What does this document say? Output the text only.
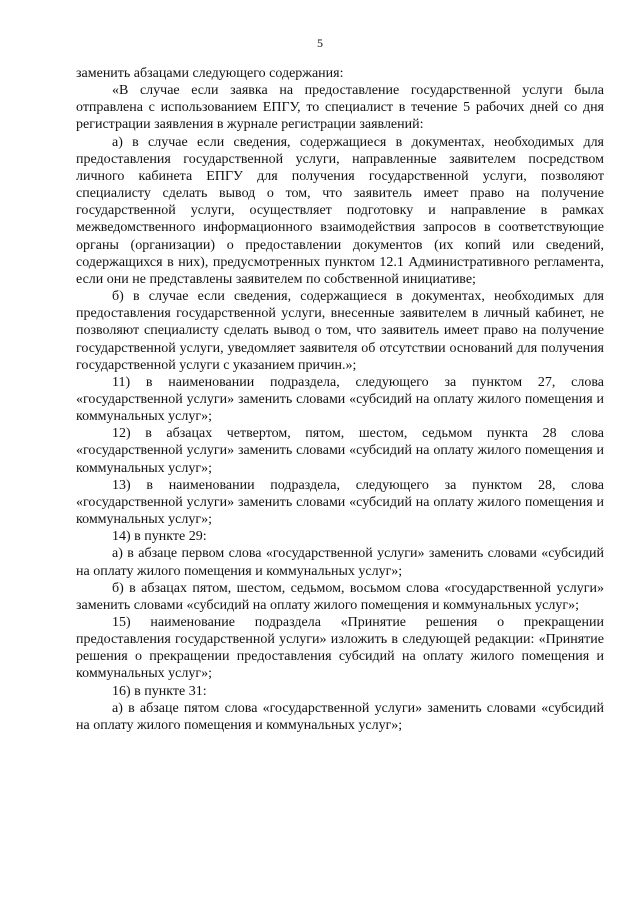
5

заменить абзацами следующего содержания:

«В случае если заявка на предоставление государственной услуги была отправлена с использованием ЕПГУ, то специалист в течение 5 рабочих дней со дня регистрации заявления в журнале регистрации заявлений:

а) в случае если сведения, содержащиеся в документах, необходимых для предоставления государственной услуги, направленные заявителем посредством личного кабинета ЕПГУ для получения государственной услуги, позволяют специалисту сделать вывод о том, что заявитель имеет право на получение государственной услуги, осуществляет подготовку и направление в рамках межведомственного информационного взаимодействия запросов в соответствующие органы (организации) о предоставлении документов (их копий или сведений, содержащихся в них), предусмотренных пунктом 12.1 Административного регламента, если они не представлены заявителем по собственной инициативе;

б) в случае если сведения, содержащиеся в документах, необходимых для предоставления государственной услуги, внесенные заявителем в личный кабинет, не позволяют специалисту сделать вывод о том, что заявитель имеет право на получение государственной услуги, уведомляет заявителя об отсутствии оснований для получения государственной услуги с указанием причин.»;

11) в наименовании подраздела, следующего за пунктом 27, слова «государственной услуги» заменить словами «субсидий на оплату жилого помещения и коммунальных услуг»;

12) в абзацах четвертом, пятом, шестом, седьмом пункта 28 слова «государственной услуги» заменить словами «субсидий на оплату жилого помещения и коммунальных услуг»;

13) в наименовании подраздела, следующего за пунктом 28, слова «государственной услуги» заменить словами «субсидий на оплату жилого помещения и коммунальных услуг»;

14) в пункте 29:

а) в абзаце первом слова «государственной услуги» заменить словами «субсидий на оплату жилого помещения и коммунальных услуг»;

б) в абзацах пятом, шестом, седьмом, восьмом слова «государственной услуги» заменить словами «субсидий на оплату жилого помещения и коммунальных услуг»;

15) наименование подраздела «Принятие решения о прекращении предоставления государственной услуги» изложить в следующей редакции: «Принятие решения о прекращении предоставления субсидий на оплату жилого помещения и коммунальных услуг»;

16) в пункте 31:

а) в абзаце пятом слова «государственной услуги» заменить словами «субсидий на оплату жилого помещения и коммунальных услуг»;
